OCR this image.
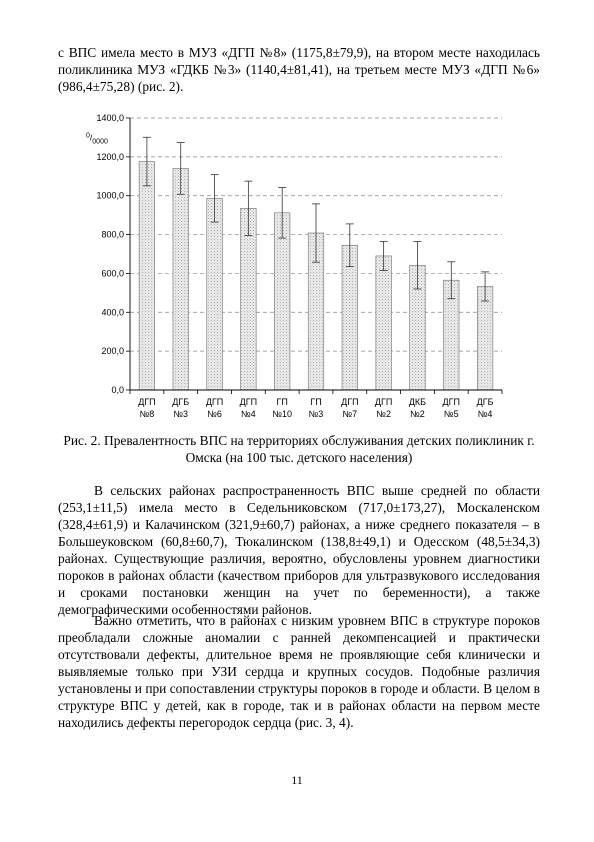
с ВПС имела место в МУЗ «ДГП №8» (1175,8±79,9), на втором месте находилась поликлиника МУЗ «ГДКБ №3» (1140,4±81,41), на третьем месте МУЗ «ДГП №6» (986,4±75,28) (рис. 2).

0,0
200,0
400,0
600,0
800,0
1000,0
1200,0
1400,0
$^0/_{0000}$
ДГП №8
ДГБ №3
ДГП №6
ДГП №4
ГП №10
ГП №3
ДГП №7
ДГП №2
ДКБ №2
ДГП №5
ДГБ №4

Рис. 2. Превалентность ВПС на территориях обслуживания детских поликлиник г. Омска (на 100 тыс. детского населения)

В сельских районах распространенность ВПС выше средней по области (253,1±11,5) имела место в Седельниковском (717,0±173,27), Москаленском (328,4±61,9) и Калачинском (321,9±60,7) районах, а ниже среднего показателя – в Большеуковском (60,8±60,7), Тюкалинском (138,8±49,1) и Одесском (48,5±34,3) районах. Существующие различия, вероятно, обусловлены уровнем диагностики пороков в районах области (качеством приборов для ультразвукового исследования и сроками постановки женщин на учет по беременности), а также демографическими особенностями районов.

Важно отметить, что в районах с низким уровнем ВПС в структуре пороков преобладали сложные аномалии с ранней декомпенсацией и практически отсутствовали дефекты, длительное время не проявляющие себя клинически и выявляемые только при УЗИ сердца и крупных сосудов. Подобные различия установлены и при сопоставлении структуры пороков в городе и области. В целом в структуре ВПС у детей, как в городе, так и в районах области на первом месте находились дефекты перегородок сердца (рис. 3, 4).

11
